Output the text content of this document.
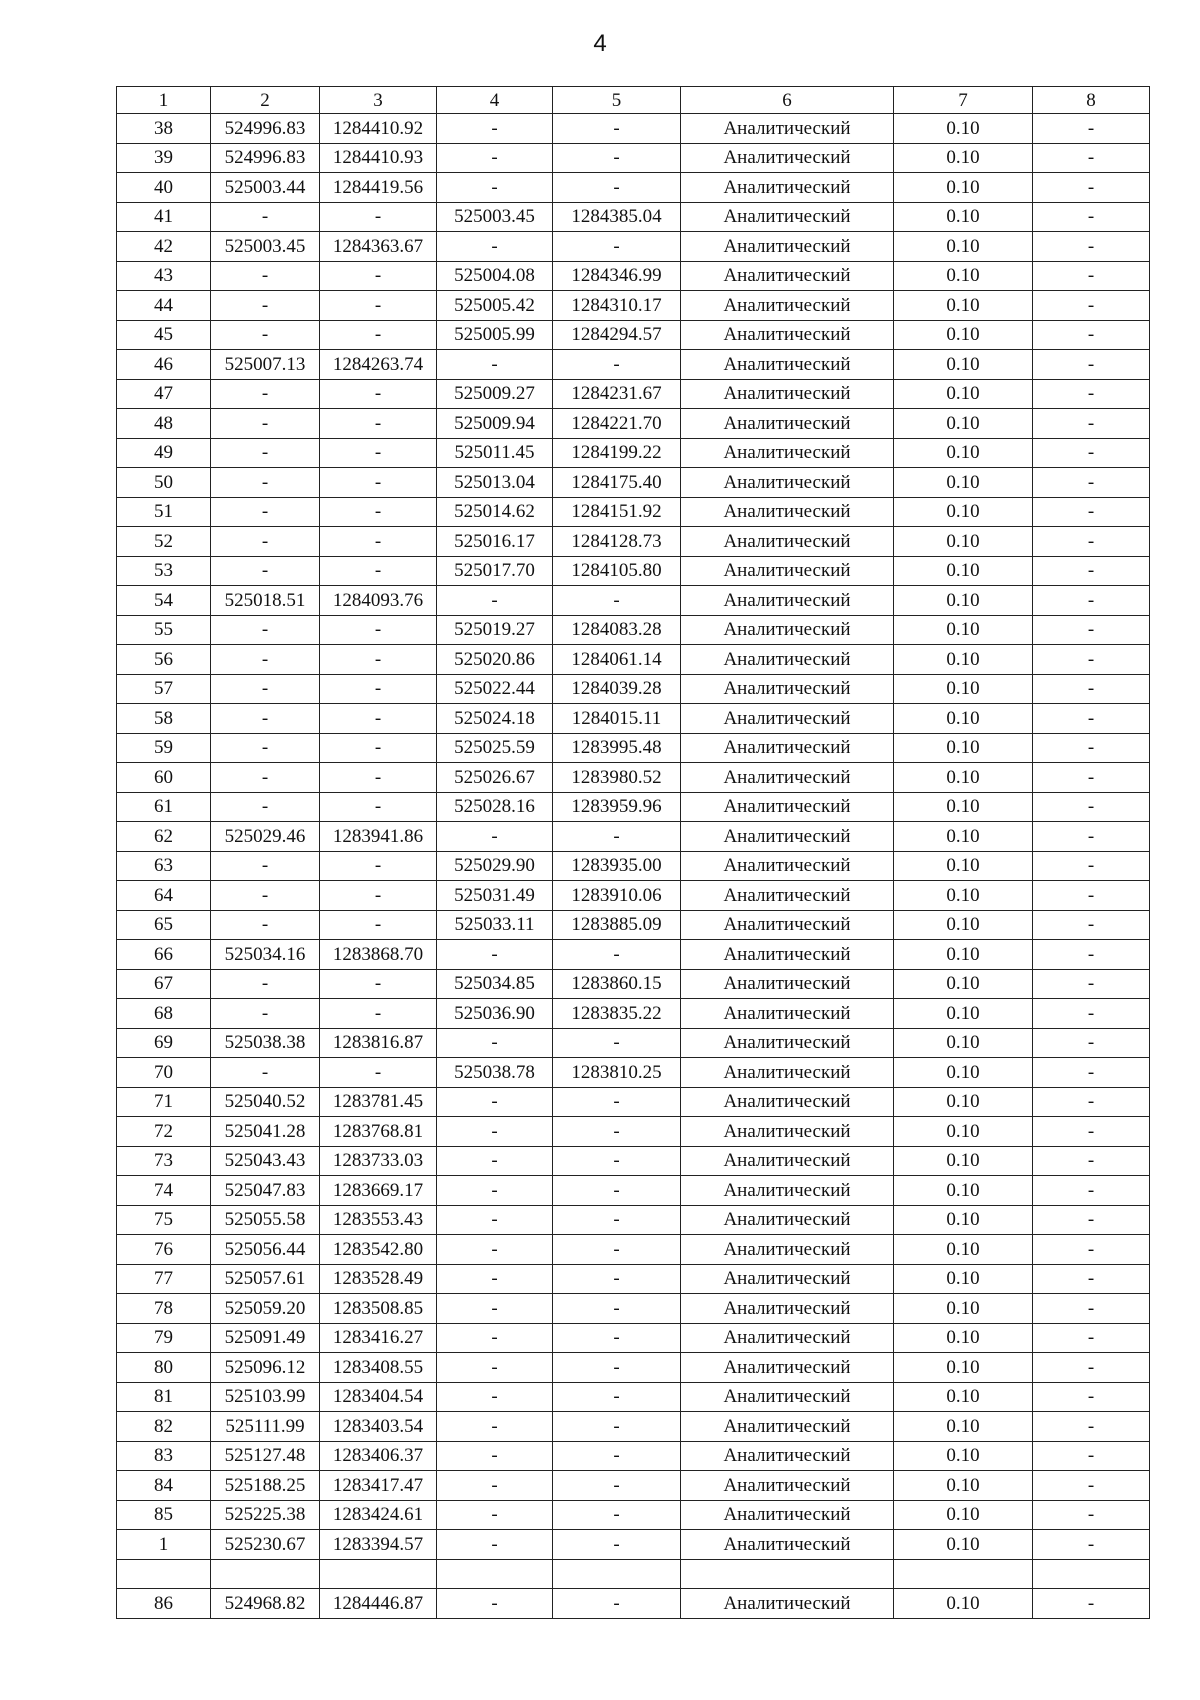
4
1	2	3	4	5	6	7	8
38	524996.83	1284410.92	-	-	Аналитический	0.10	-
39	524996.83	1284410.93	-	-	Аналитический	0.10	-
40	525003.44	1284419.56	-	-	Аналитический	0.10	-
41	-	-	525003.45	1284385.04	Аналитический	0.10	-
42	525003.45	1284363.67	-	-	Аналитический	0.10	-
43	-	-	525004.08	1284346.99	Аналитический	0.10	-
44	-	-	525005.42	1284310.17	Аналитический	0.10	-
45	-	-	525005.99	1284294.57	Аналитический	0.10	-
46	525007.13	1284263.74	-	-	Аналитический	0.10	-
47	-	-	525009.27	1284231.67	Аналитический	0.10	-
48	-	-	525009.94	1284221.70	Аналитический	0.10	-
49	-	-	525011.45	1284199.22	Аналитический	0.10	-
50	-	-	525013.04	1284175.40	Аналитический	0.10	-
51	-	-	525014.62	1284151.92	Аналитический	0.10	-
52	-	-	525016.17	1284128.73	Аналитический	0.10	-
53	-	-	525017.70	1284105.80	Аналитический	0.10	-
54	525018.51	1284093.76	-	-	Аналитический	0.10	-
55	-	-	525019.27	1284083.28	Аналитический	0.10	-
56	-	-	525020.86	1284061.14	Аналитический	0.10	-
57	-	-	525022.44	1284039.28	Аналитический	0.10	-
58	-	-	525024.18	1284015.11	Аналитический	0.10	-
59	-	-	525025.59	1283995.48	Аналитический	0.10	-
60	-	-	525026.67	1283980.52	Аналитический	0.10	-
61	-	-	525028.16	1283959.96	Аналитический	0.10	-
62	525029.46	1283941.86	-	-	Аналитический	0.10	-
63	-	-	525029.90	1283935.00	Аналитический	0.10	-
64	-	-	525031.49	1283910.06	Аналитический	0.10	-
65	-	-	525033.11	1283885.09	Аналитический	0.10	-
66	525034.16	1283868.70	-	-	Аналитический	0.10	-
67	-	-	525034.85	1283860.15	Аналитический	0.10	-
68	-	-	525036.90	1283835.22	Аналитический	0.10	-
69	525038.38	1283816.87	-	-	Аналитический	0.10	-
70	-	-	525038.78	1283810.25	Аналитический	0.10	-
71	525040.52	1283781.45	-	-	Аналитический	0.10	-
72	525041.28	1283768.81	-	-	Аналитический	0.10	-
73	525043.43	1283733.03	-	-	Аналитический	0.10	-
74	525047.83	1283669.17	-	-	Аналитический	0.10	-
75	525055.58	1283553.43	-	-	Аналитический	0.10	-
76	525056.44	1283542.80	-	-	Аналитический	0.10	-
77	525057.61	1283528.49	-	-	Аналитический	0.10	-
78	525059.20	1283508.85	-	-	Аналитический	0.10	-
79	525091.49	1283416.27	-	-	Аналитический	0.10	-
80	525096.12	1283408.55	-	-	Аналитический	0.10	-
81	525103.99	1283404.54	-	-	Аналитический	0.10	-
82	525111.99	1283403.54	-	-	Аналитический	0.10	-
83	525127.48	1283406.37	-	-	Аналитический	0.10	-
84	525188.25	1283417.47	-	-	Аналитический	0.10	-
85	525225.38	1283424.61	-	-	Аналитический	0.10	-
1	525230.67	1283394.57	-	-	Аналитический	0.10	-

86	524968.82	1284446.87	-	-	Аналитический	0.10	-
